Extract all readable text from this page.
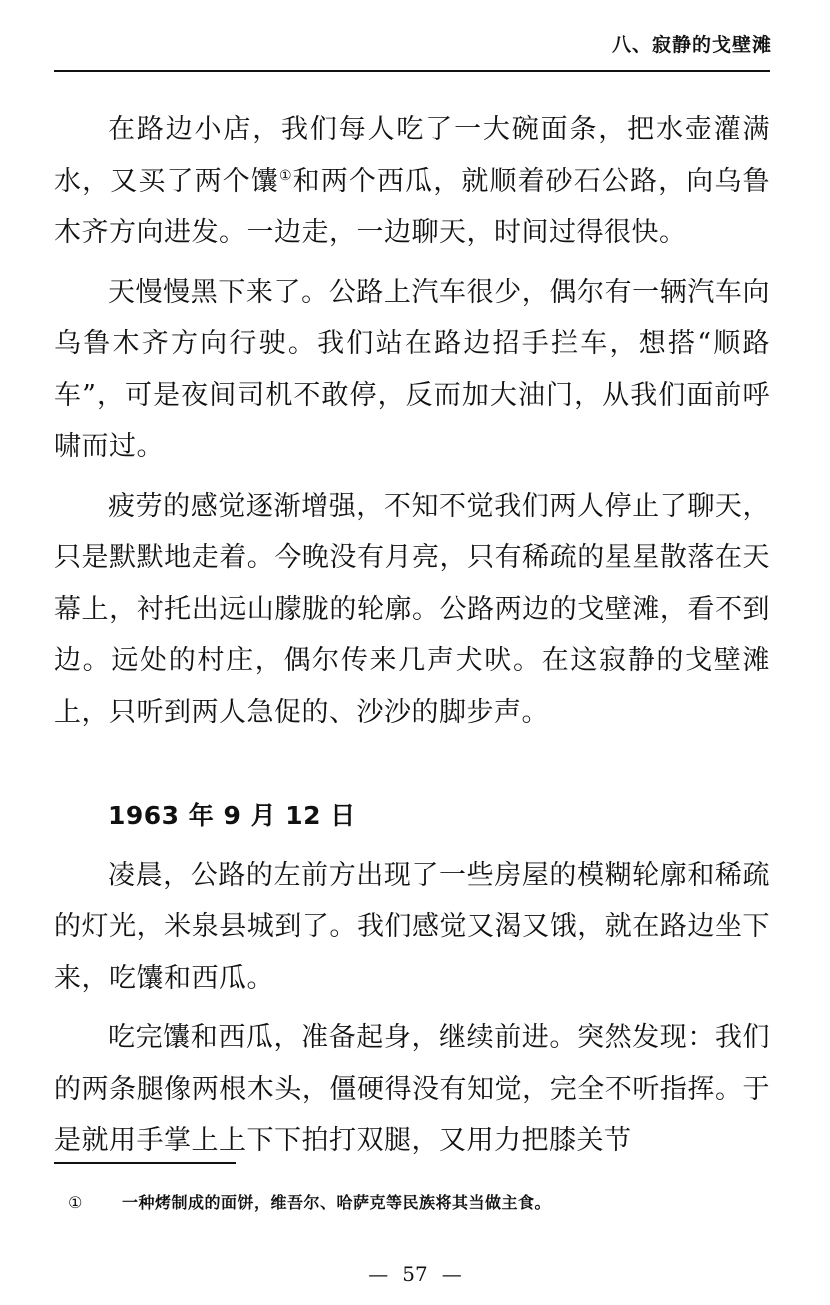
八、寂静的戈壁滩

在路边小店，我们每人吃了一大碗面条，把水壶灌满水，又买了两个馕①和两个西瓜，就顺着砂石公路，向乌鲁木齐方向进发。一边走，一边聊天，时间过得很快。

天慢慢黑下来了。公路上汽车很少，偶尔有一辆汽车向乌鲁木齐方向行驶。我们站在路边招手拦车，想搭“顺路车”，可是夜间司机不敢停，反而加大油门，从我们面前呼啸而过。

疲劳的感觉逐渐增强，不知不觉我们两人停止了聊天，只是默默地走着。今晚没有月亮，只有稀疏的星星散落在天幕上，衬托出远山朦胧的轮廓。公路两边的戈壁滩，看不到边。远处的村庄，偶尔传来几声犬吠。在这寂静的戈壁滩上，只听到两人急促的、沙沙的脚步声。

1963 年 9 月 12 日

凌晨，公路的左前方出现了一些房屋的模糊轮廓和稀疏的灯光，米泉县城到了。我们感觉又渴又饿，就在路边坐下来，吃馕和西瓜。

吃完馕和西瓜，准备起身，继续前进。突然发现：我们的两条腿像两根木头，僵硬得没有知觉，完全不听指挥。于是就用手掌上上下下拍打双腿，又用力把膝关节

① 一种烤制成的面饼，维吾尔、哈萨克等民族将其当做主食。
— 57 —
